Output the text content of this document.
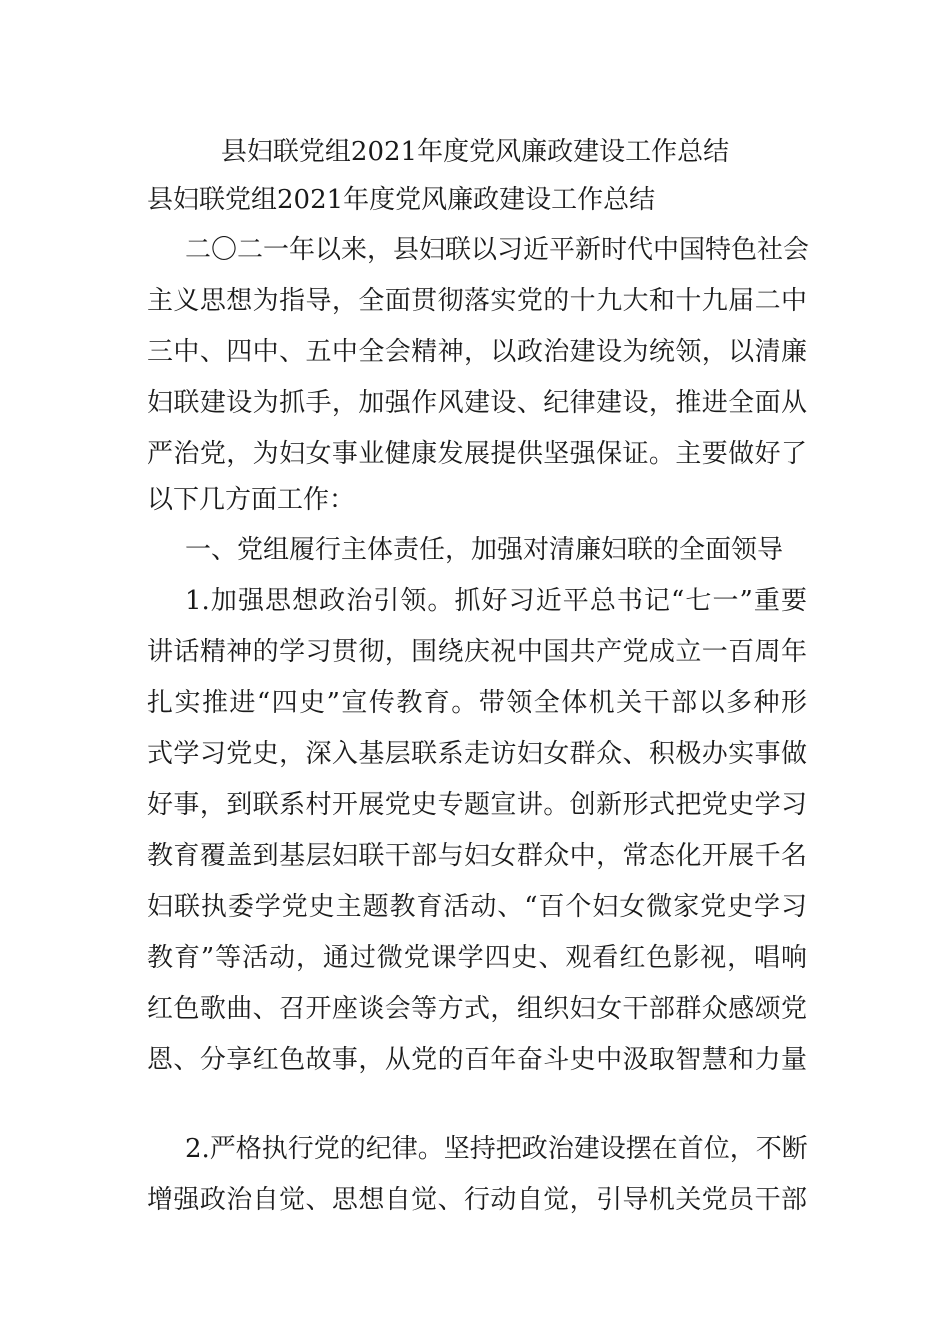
县妇联党组2021年度党风廉政建设工作总结
县妇联党组2021年度党风廉政建设工作总结
二〇二一年以来，县妇联以习近平新时代中国特色社会
主义思想为指导，全面贯彻落实党的十九大和十九届二中
三中、四中、五中全会精神，以政治建设为统领，以清廉
妇联建设为抓手，加强作风建设、纪律建设，推进全面从
严治党，为妇女事业健康发展提供坚强保证。主要做好了
以下几方面工作：
一、党组履行主体责任，加强对清廉妇联的全面领导
1.加强思想政治引领。抓好习近平总书记“七一”重要
讲话精神的学习贯彻，围绕庆祝中国共产党成立一百周年
扎实推进“四史”宣传教育。带领全体机关干部以多种形
式学习党史，深入基层联系走访妇女群众、积极办实事做
好事，到联系村开展党史专题宣讲。创新形式把党史学习
教育覆盖到基层妇联干部与妇女群众中，常态化开展千名
妇联执委学党史主题教育活动、“百个妇女微家党史学习
教育”等活动，通过微党课学四史、观看红色影视，唱响
红色歌曲、召开座谈会等方式，组织妇女干部群众感颂党
恩、分享红色故事，从党的百年奋斗史中汲取智慧和力量
2.严格执行党的纪律。坚持把政治建设摆在首位，不断
增强政治自觉、思想自觉、行动自觉，引导机关党员干部
